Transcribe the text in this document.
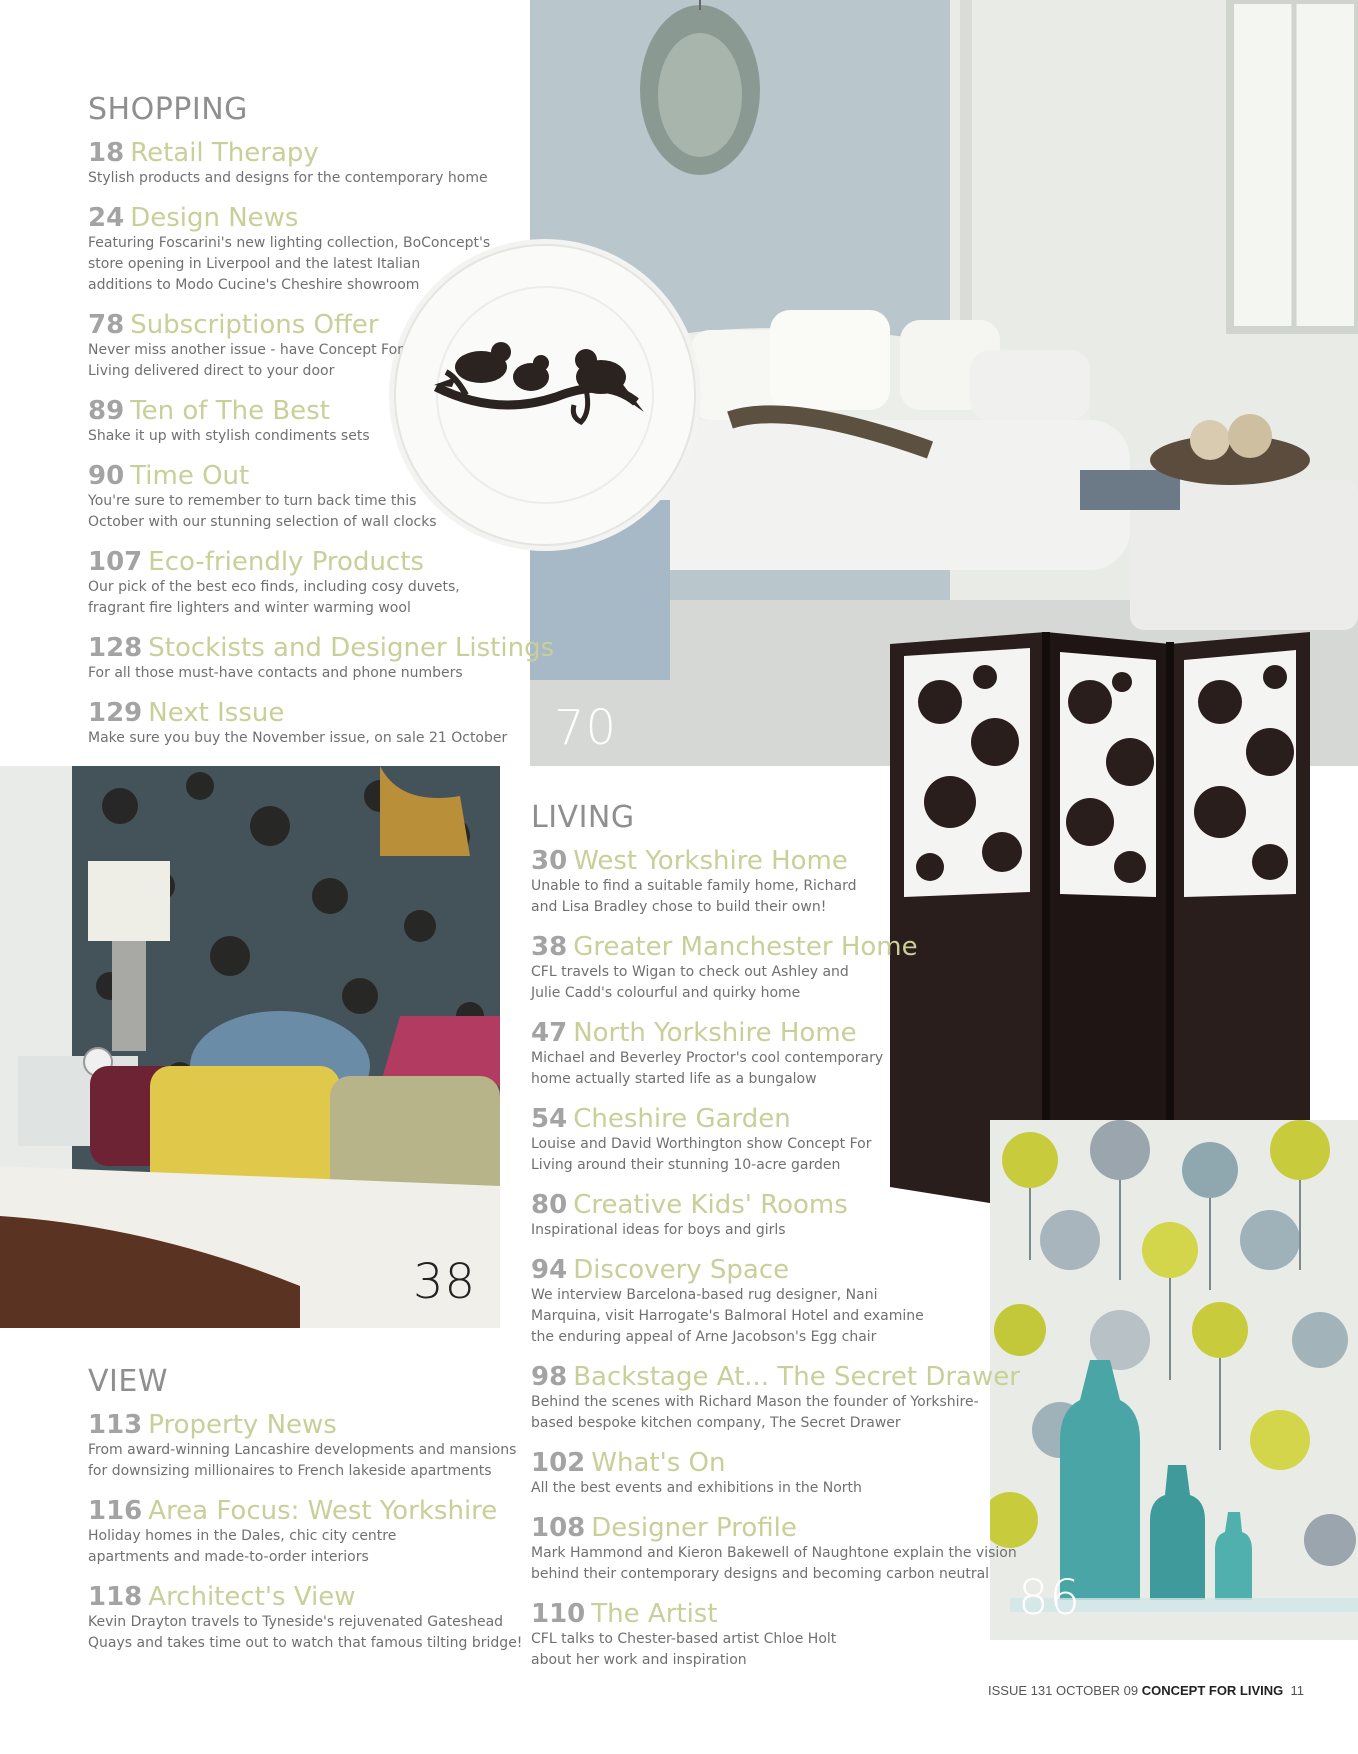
70
38
86
SHOPPING
18 Retail Therapy
Stylish products and designs for the contemporary home
24 Design News
Featuring Foscarini's new lighting collection, BoConcept's
store opening in Liverpool and the latest Italian
additions to Modo Cucine's Cheshire showroom
78 Subscriptions Offer
Never miss another issue - have Concept For
Living delivered direct to your door
89 Ten of The Best
Shake it up with stylish condiments sets
90 Time Out
You're sure to remember to turn back time this
October with our stunning selection of wall clocks
107 Eco-friendly Products
Our pick of the best eco finds, including cosy duvets,
fragrant fire lighters and winter warming wool
128 Stockists and Designer Listings
For all those must-have contacts and phone numbers
129 Next Issue
Make sure you buy the November issue, on sale 21 October
LIVING
30 West Yorkshire Home
Unable to find a suitable family home, Richard
and Lisa Bradley chose to build their own!
38 Greater Manchester Home
CFL travels to Wigan to check out Ashley and
Julie Cadd's colourful and quirky home
47 North Yorkshire Home
Michael and Beverley Proctor's cool contemporary
home actually started life as a bungalow
54 Cheshire Garden
Louise and David Worthington show Concept For
Living around their stunning 10-acre garden
80 Creative Kids' Rooms
Inspirational ideas for boys and girls
94 Discovery Space
We interview Barcelona-based rug designer, Nani
Marquina, visit Harrogate's Balmoral Hotel and examine
the enduring appeal of Arne Jacobson's Egg chair
98 Backstage At... The Secret Drawer
Behind the scenes with Richard Mason the founder of Yorkshire-
based bespoke kitchen company, The Secret Drawer
102 What's On
All the best events and exhibitions in the North
108 Designer Profile
Mark Hammond and Kieron Bakewell of Naughtone explain the vision
behind their contemporary designs and becoming carbon neutral
110 The Artist
CFL talks to Chester-based artist Chloe Holt
about her work and inspiration
VIEW
113 Property News
From award-winning Lancashire developments and mansions
for downsizing millionaires to French lakeside apartments
116 Area Focus: West Yorkshire
Holiday homes in the Dales, chic city centre
apartments and made-to-order interiors
118 Architect's View
Kevin Drayton travels to Tyneside's rejuvenated Gateshead
Quays and takes time out to watch that famous tilting bridge!
ISSUE 131 OCTOBER 09 CONCEPT FOR LIVING 11
